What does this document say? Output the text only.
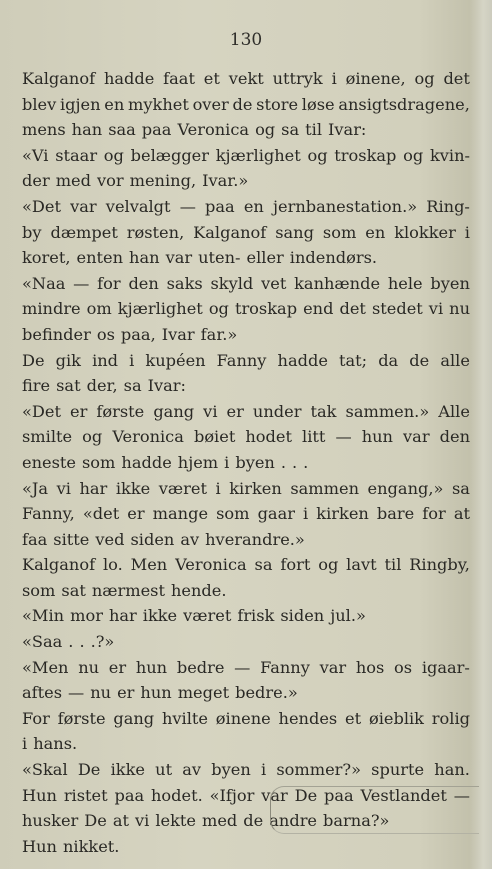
130
Kalganof hadde faat et vekt uttryk i øinene, og det
blev igjen en mykhet over de store løse ansigtsdragene,
mens han saa paa Veronica og sa til Ivar:
«Vi staar og belægger kjærlighet og troskap og kvin-
der med vor mening, Ivar.»
«Det var velvalgt — paa en jernbanestation.» Ring-
by dæmpet røsten, Kalganof sang som en klokker i
koret, enten han var uten- eller indendørs.
«Naa — for den saks skyld vet kanhænde hele byen
mindre om kjærlighet og troskap end det stedet vi nu
befinder os paa, Ivar far.»
De gik ind i kupéen Fanny hadde tat; da de alle
fire sat der, sa Ivar:
«Det er første gang vi er under tak sammen.» Alle
smilte og Veronica bøiet hodet litt — hun var den
eneste som hadde hjem i byen . . .
«Ja vi har ikke været i kirken sammen engang,» sa
Fanny, «det er mange som gaar i kirken bare for at
faa sitte ved siden av hverandre.»
Kalganof lo. Men Veronica sa fort og lavt til Ringby,
som sat nærmest hende.
«Min mor har ikke været frisk siden jul.»
«Saa . . .?»
«Men nu er hun bedre — Fanny var hos os igaar-
aftes — nu er hun meget bedre.»
For første gang hvilte øinene hendes et øieblik rolig
i hans.
«Skal De ikke ut av byen i sommer?» spurte han.
Hun ristet paa hodet. «Ifjor var De paa Vestlandet —
husker De at vi lekte med de andre barna?»
Hun nikket.
